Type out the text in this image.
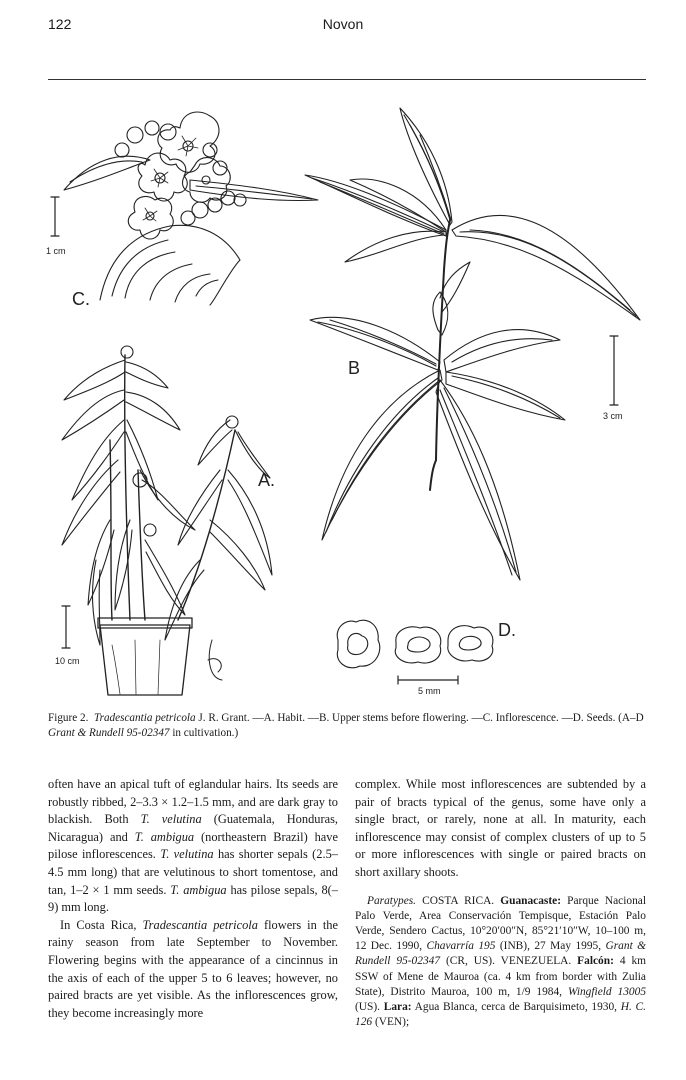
122	Novon
C.
1 cm
B
3 cm
A.
10 cm
D.
5 mm
Figure 2. Tradescantia petricola J. R. Grant. —A. Habit. —B. Upper stems before flowering. —C. Inflorescence. —D. Seeds. (A–D Grant & Rundell 95-02347 in cultivation.)

often have an apical tuft of eglandular hairs. Its seeds are robustly ribbed, 2–3.3 × 1.2–1.5 mm, and are dark gray to blackish. Both T. velutina (Guatemala, Honduras, Nicaragua) and T. ambigua (northeastern Brazil) have pilose inflorescences. T. velutina has shorter sepals (2.5–4.5 mm long) that are velutinous to short tomentose, and tan, 1–2 × 1 mm seeds. T. ambigua has pilose sepals, 8(–9) mm long.

In Costa Rica, Tradescantia petricola flowers in the rainy season from late September to November. Flowering begins with the appearance of a cincinnus in the axis of each of the upper 5 to 6 leaves; however, no paired bracts are yet visible. As the inflorescences grow, they become increasingly more

complex. While most inflorescences are subtended by a pair of bracts typical of the genus, some have only a single bract, or rarely, none at all. In maturity, each inflorescence may consist of complex clusters of up to 5 or more inflorescences with single or paired bracts on short axillary shoots.

Paratypes. COSTA RICA. Guanacaste: Parque Nacional Palo Verde, Area Conservación Tempisque, Estación Palo Verde, Sendero Cactus, 10°20′00″N, 85°21′10″W, 10–100 m, 12 Dec. 1990, Chavarría 195 (INB), 27 May 1995, Grant & Rundell 95-02347 (CR, US). VENEZUELA. Falcón: 4 km SSW of Mene de Mauroa (ca. 4 km from border with Zulia State), Distrito Mauroa, 100 m, 1/9 1984, Wingfield 13005 (US). Lara: Agua Blanca, cerca de Barquisimeto, 1930, H. C. 126 (VEN);
